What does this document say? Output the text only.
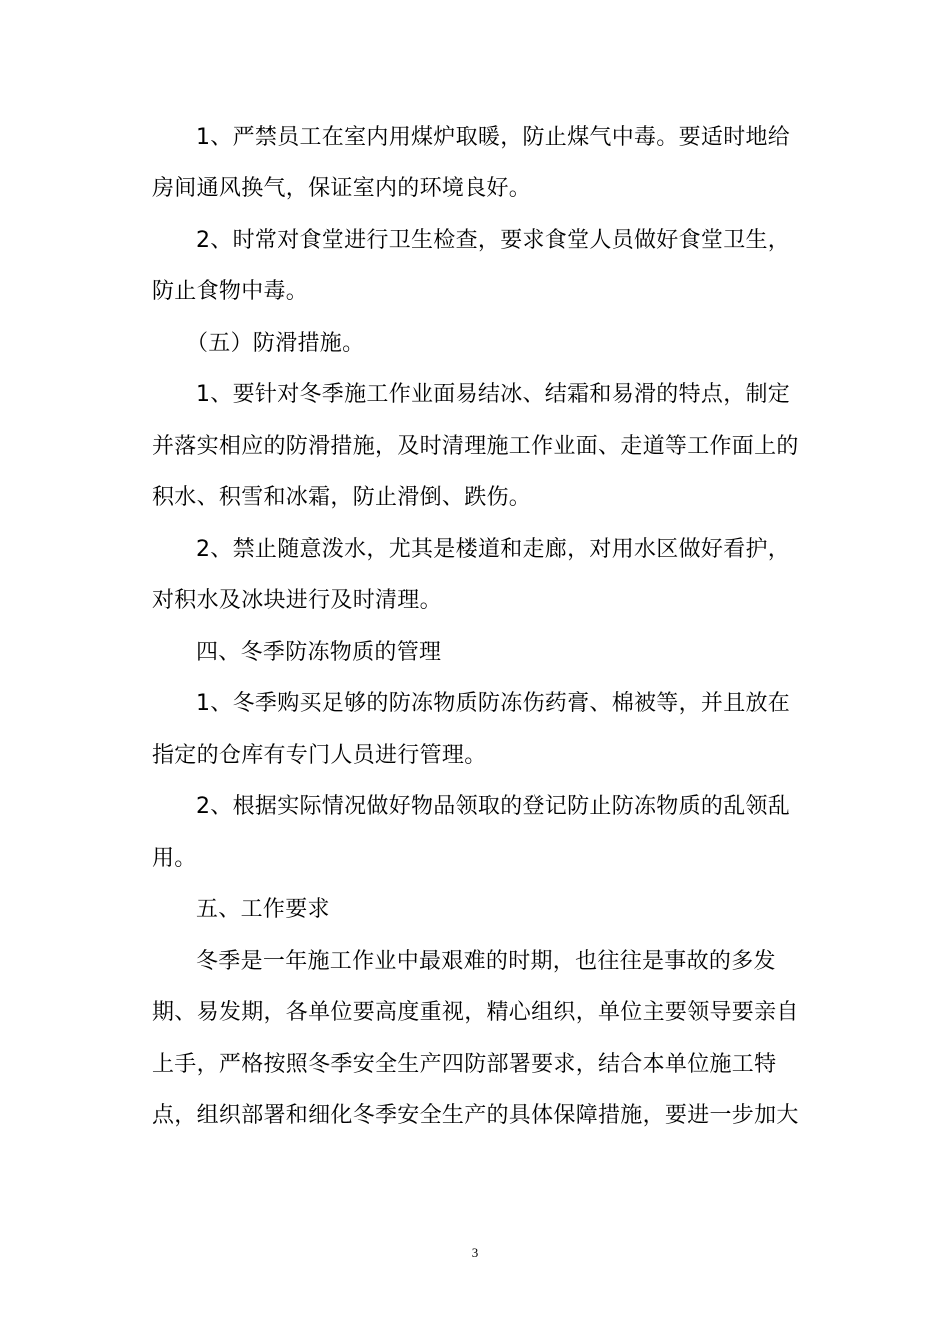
1、严禁员工在室内用煤炉取暖，防止煤气中毒。要适时地给
房间通风换气，保证室内的环境良好。
2、时常对食堂进行卫生检查，要求食堂人员做好食堂卫生，
防止食物中毒。
（五）防滑措施。
1、要针对冬季施工作业面易结冰、结霜和易滑的特点，制定
并落实相应的防滑措施，及时清理施工作业面、走道等工作面上的
积水、积雪和冰霜，防止滑倒、跌伤。
2、禁止随意泼水，尤其是楼道和走廊，对用水区做好看护，
对积水及冰块进行及时清理。
四、冬季防冻物质的管理
1、冬季购买足够的防冻物质防冻伤药膏、棉被等，并且放在
指定的仓库有专门人员进行管理。
2、根据实际情况做好物品领取的登记防止防冻物质的乱领乱
用。
五、工作要求
冬季是一年施工作业中最艰难的时期，也往往是事故的多发
期、易发期，各单位要高度重视，精心组织，单位主要领导要亲自
上手，严格按照冬季安全生产四防部署要求，结合本单位施工特
点，组织部署和细化冬季安全生产的具体保障措施，要进一步加大
3
